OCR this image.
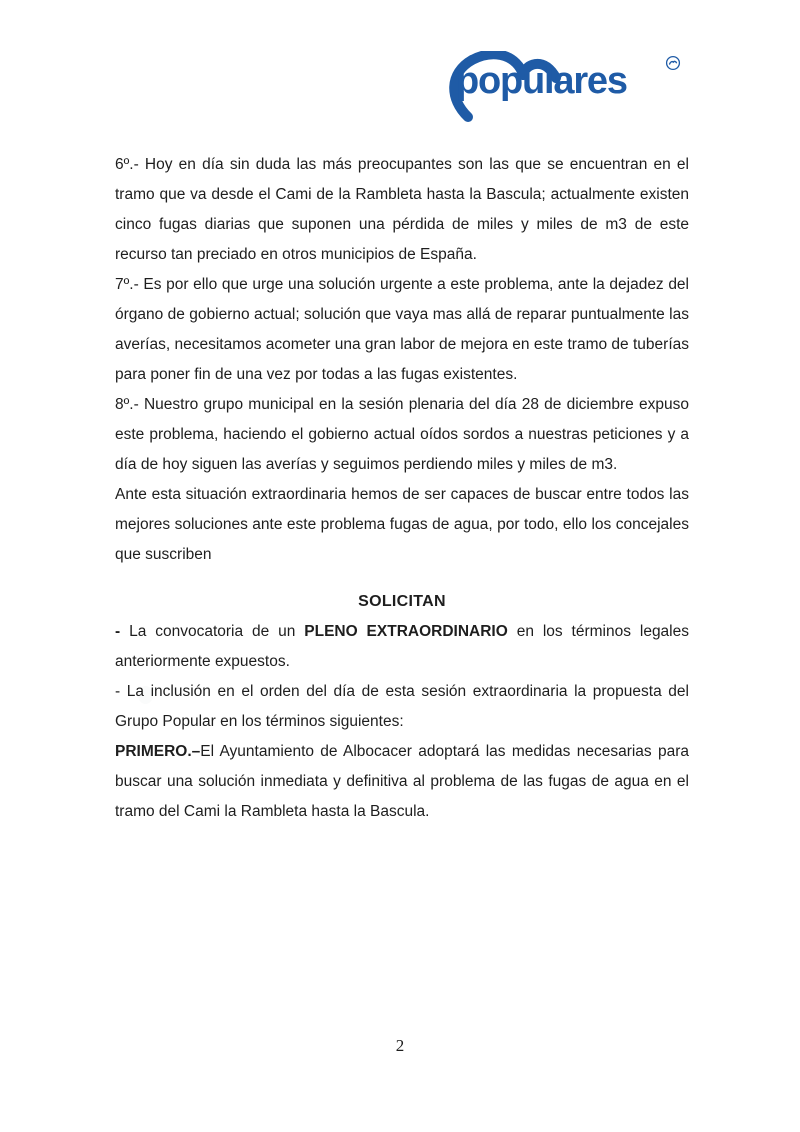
populares

6º.- Hoy en día sin duda las más preocupantes son las que se encuentran en el tramo que va desde el Cami de la Rambleta hasta la Bascula; actualmente existen cinco fugas diarias que suponen una pérdida de miles y miles de m3 de este recurso tan preciado en otros municipios de España.

7º.- Es por ello que urge una solución urgente a este problema, ante la dejadez del órgano de gobierno actual; solución que vaya mas allá de reparar puntualmente las averías, necesitamos acometer una gran labor de mejora en este tramo de tuberías para poner fin de una vez por todas a las fugas existentes.

8º.- Nuestro grupo municipal en la sesión plenaria del día 28 de diciembre expuso este problema, haciendo el gobierno actual oídos sordos a nuestras peticiones y a día de hoy siguen las averías y seguimos perdiendo miles y miles de m3.

Ante esta situación extraordinaria hemos de ser capaces de buscar entre todos las mejores soluciones ante este problema fugas de agua, por todo, ello los concejales que suscriben

SOLICITAN

- La convocatoria de un PLENO EXTRAORDINARIO en los términos legales anteriormente expuestos.

- La inclusión en el orden del día de esta sesión extraordinaria la propuesta del Grupo Popular en los términos siguientes:

PRIMERO.–El Ayuntamiento de Albocacer adoptará las medidas necesarias para buscar una solución inmediata y definitiva al problema de las fugas de agua en el tramo del Cami la Rambleta hasta la Bascula.

2
